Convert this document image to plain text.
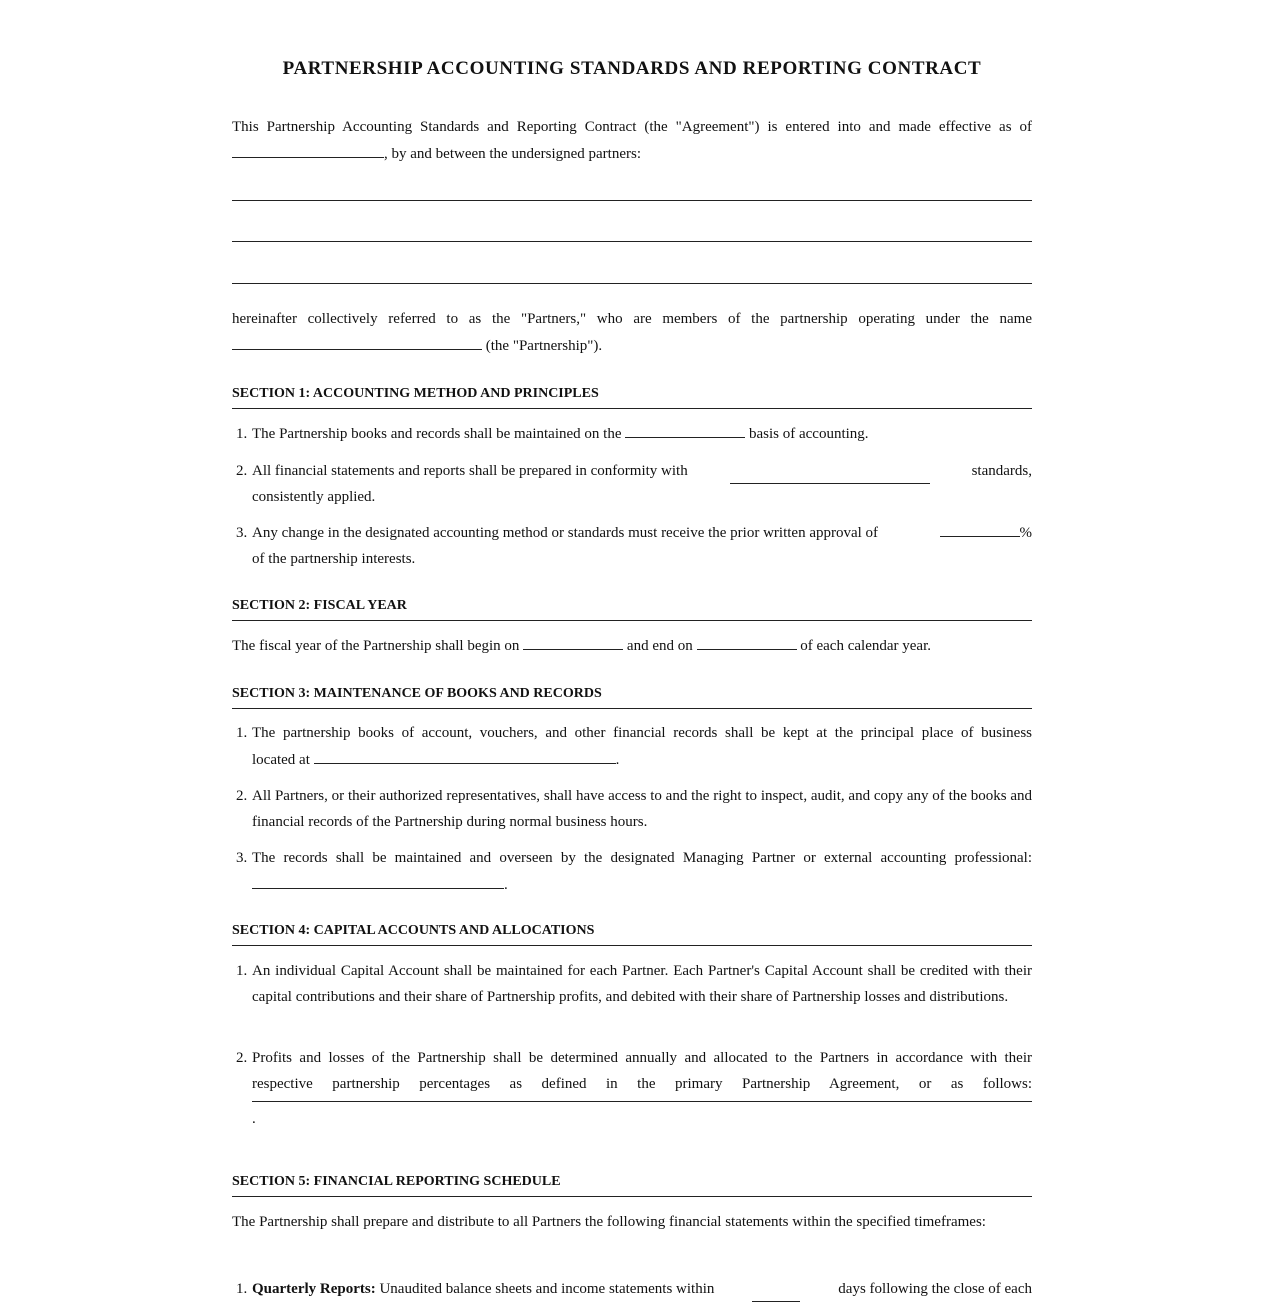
PARTNERSHIP ACCOUNTING STANDARDS AND REPORTING CONTRACT
This Partnership Accounting Standards and Reporting Contract (the "Agreement") is entered into and made effective as of
, by and between the undersigned partners:
hereinafter collectively referred to as the "Partners," who are members of the partnership operating under the name
(the "Partnership").
SECTION 1: ACCOUNTING METHOD AND PRINCIPLES
1. The Partnership books and records shall be maintained on the	basis of accounting.
2. All financial statements and reports shall be prepared in conformity with	standards,
consistently applied.
3. Any change in the designated accounting method or standards must receive the prior written approval of	%
of the partnership interests.
SECTION 2: FISCAL YEAR
The fiscal year of the Partnership shall begin on	and end on	of each calendar year.
SECTION 3: MAINTENANCE OF BOOKS AND RECORDS
1. The partnership books of account, vouchers, and other financial records shall be kept at the principal place of business
located at	.
2. All Partners, or their authorized representatives, shall have access to and the right to inspect, audit, and copy any of the books and financial records of the Partnership during normal business hours.
3. The records shall be maintained and overseen by the designated Managing Partner or external accounting professional:
.
SECTION 4: CAPITAL ACCOUNTS AND ALLOCATIONS
1. An individual Capital Account shall be maintained for each Partner. Each Partner's Capital Account shall be credited with their capital contributions and their share of Partnership profits, and debited with their share of Partnership losses and distributions.
2. Profits and losses of the Partnership shall be determined annually and allocated to the Partners in accordance with their
respective partnership percentages as defined in the primary Partnership Agreement, or as follows:
.
SECTION 5: FINANCIAL REPORTING SCHEDULE
The Partnership shall prepare and distribute to all Partners the following financial statements within the specified timeframes:
1. Quarterly Reports: Unaudited balance sheets and income statements within	days following the close of each
